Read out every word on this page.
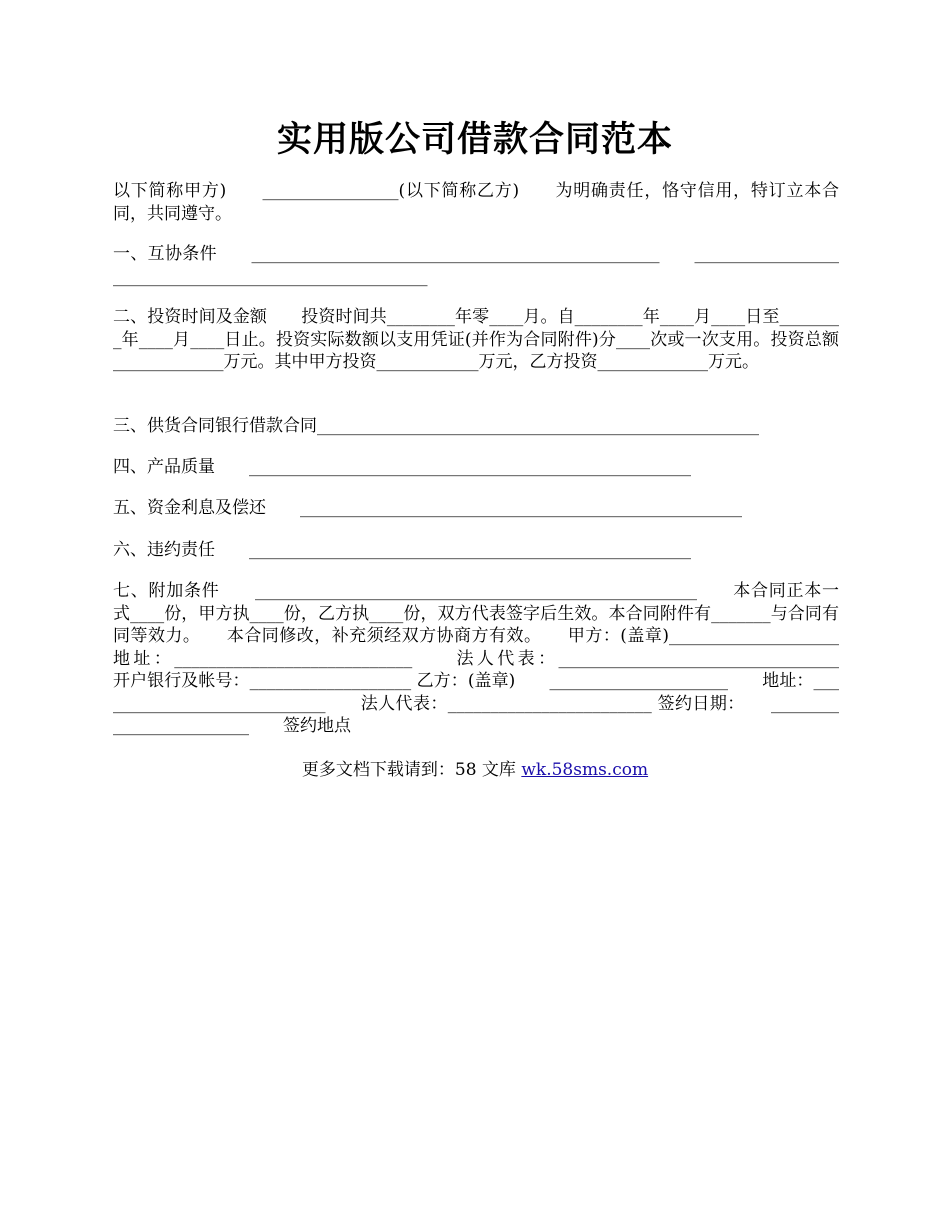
实用版公司借款合同范本
以下简称甲方)　　________________(以下简称乙方)　　为明确责任，恪守信用，特订立本合同，共同遵守。
一、互协条件　　________________________________________________　　______________________________________________________
二、投资时间及金额　　投资时间共________年零____月。自________年____月____日至________年____月____日止。投资实际数额以支用凭证(并作为合同附件)分____次或一次支用。投资总额_____________万元。其中甲方投资____________万元，乙方投资_____________万元。
三、供货合同银行借款合同____________________________________________________
四、产品质量　　____________________________________________________
五、资金利息及偿还　　____________________________________________________
六、违约责任　　____________________________________________________
七、附加条件　　____________________________________________________　　本合同正本一式____份，甲方执____份，乙方执____份，双方代表签字后生效。本合同附件有_______与合同有同等效力。　　本合同修改，补充须经双方协商方有效。　　甲方：(盖章)____________________　　地址：____________________________　　法人代表：_________________________________　　开户银行及帐号：___________________ 乙方：(盖章)　　_____________________　　地址：____________________________　　法人代表：________________________ 签约日期：　　________________________　　签约地点
更多文档下载请到：58 文库 wk.58sms.com
